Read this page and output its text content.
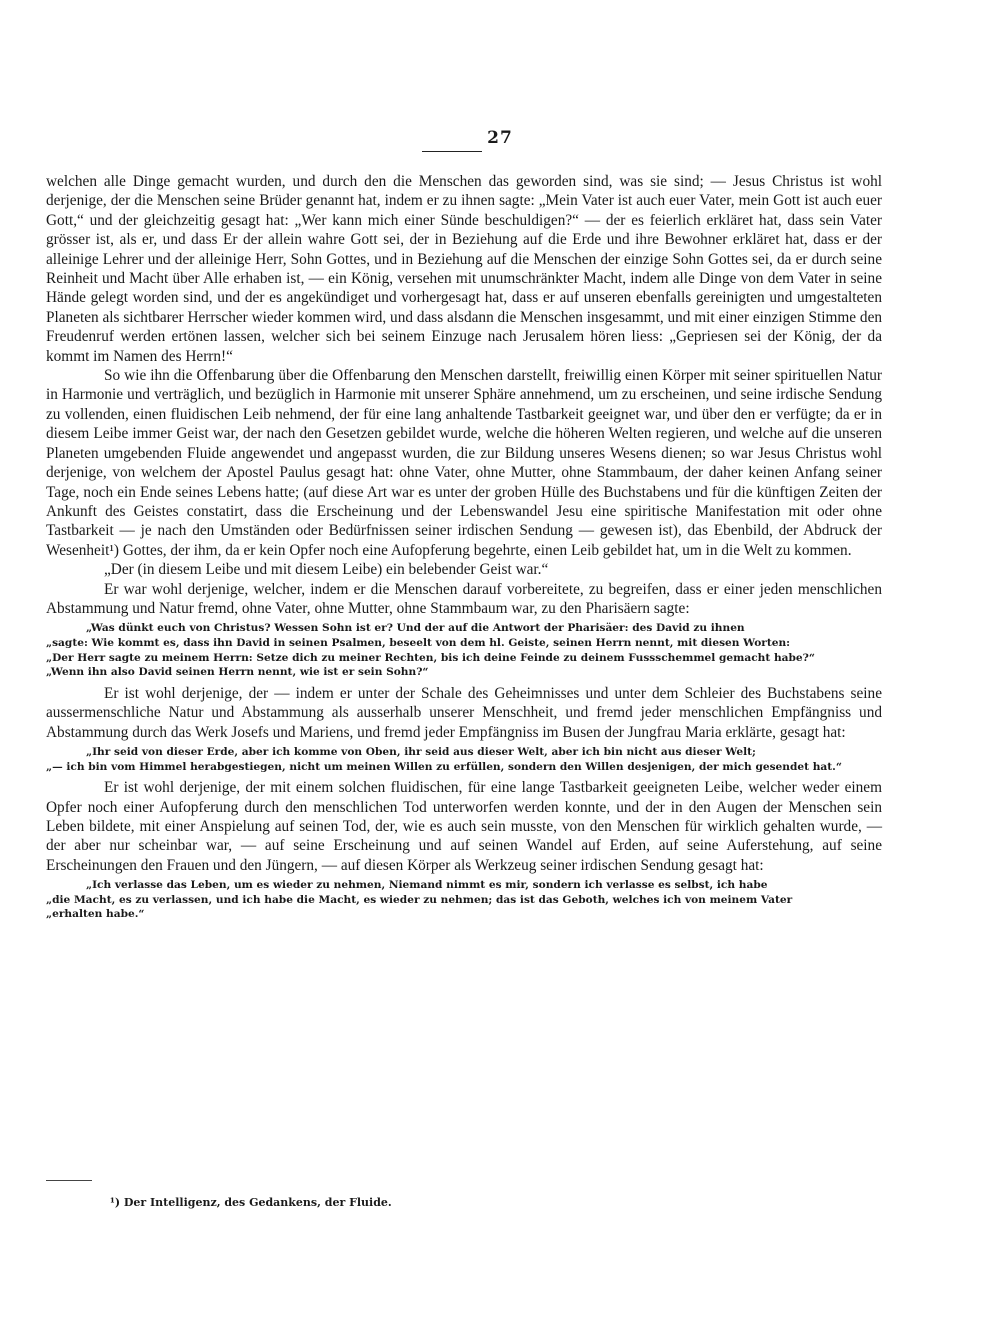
27

welchen alle Dinge gemacht wurden, und durch den die Menschen das geworden sind, was sie sind; — Jesus Christus ist wohl derjenige, der die Menschen seine Brüder genannt hat, indem er zu ihnen sagte: „Mein Vater ist auch euer Vater, mein Gott ist auch euer Gott,“ und der gleichzeitig gesagt hat: „Wer kann mich einer Sünde beschuldigen?“ — der es feierlich erkläret hat, dass sein Vater grösser ist, als er, und dass Er der allein wahre Gott sei, der in Beziehung auf die Erde und ihre Bewohner erkläret hat, dass er der alleinige Lehrer und der alleinige Herr, Sohn Gottes, und in Beziehung auf die Menschen der einzige Sohn Gottes sei, da er durch seine Reinheit und Macht über Alle erhaben ist, — ein König, versehen mit unumschränkter Macht, indem alle Dinge von dem Vater in seine Hände gelegt worden sind, und der es angekündiget und vorhergesagt hat, dass er auf unseren ebenfalls gereinigten und umgestalteten Planeten als sichtbarer Herrscher wieder kommen wird, und dass alsdann die Menschen insgesammt, und mit einer einzigen Stimme den Freudenruf werden ertönen lassen, welcher sich bei seinem Einzuge nach Jerusalem hören liess: „Gepriesen sei der König, der da kommt im Namen des Herrn!“

So wie ihn die Offenbarung über die Offenbarung den Menschen darstellt, freiwillig einen Körper mit seiner spirituellen Natur in Harmonie und verträglich, und bezüglich in Harmonie mit unserer Sphäre annehmend, um zu erscheinen, und seine irdische Sendung zu vollenden, einen fluidischen Leib nehmend, der für eine lang anhaltende Tastbarkeit geeignet war, und über den er verfügte; da er in diesem Leibe immer Geist war, der nach den Gesetzen gebildet wurde, welche die höheren Welten regieren, und welche auf die unseren Planeten umgebenden Fluide angewendet und angepasst wurden, die zur Bildung unseres Wesens dienen; so war Jesus Christus wohl derjenige, von welchem der Apostel Paulus gesagt hat: ohne Vater, ohne Mutter, ohne Stammbaum, der daher keinen Anfang seiner Tage, noch ein Ende seines Lebens hatte; (auf diese Art war es unter der groben Hülle des Buchstabens und für die künftigen Zeiten der Ankunft des Geistes constatirt, dass die Erscheinung und der Lebenswandel Jesu eine spiritische Manifestation mit oder ohne Tastbarkeit — je nach den Umständen oder Bedürfnissen seiner irdischen Sendung — gewesen ist), das Ebenbild, der Abdruck der Wesenheit¹) Gottes, der ihm, da er kein Opfer noch eine Aufopferung begehrte, einen Leib gebildet hat, um in die Welt zu kommen.

„Der (in diesem Leibe und mit diesem Leibe) ein belebender Geist war.“

Er war wohl derjenige, welcher, indem er die Menschen darauf vorbereitete, zu begreifen, dass er einer jeden menschlichen Abstammung und Natur fremd, ohne Vater, ohne Mutter, ohne Stammbaum war, zu den Pharisäern sagte:

„Was dünkt euch von Christus? Wessen Sohn ist er? Und der auf die Antwort der Pharisäer: des David zu ihnen

„sagte: Wie kommt es, dass ihn David in seinen Psalmen, beseelt von dem hl. Geiste, seinen Herrn nennt, mit diesen Worten:

„Der Herr sagte zu meinem Herrn: Setze dich zu meiner Rechten, bis ich deine Feinde zu deinem Fussschemmel gemacht habe?“

„Wenn ihn also David seinen Herrn nennt, wie ist er sein Sohn?“

Er ist wohl derjenige, der — indem er unter der Schale des Geheimnisses und unter dem Schleier des Buchstabens seine aussermenschliche Natur und Abstammung als ausserhalb unserer Menschheit, und fremd jeder menschlichen Empfängniss und Abstammung durch das Werk Josefs und Mariens, und fremd jeder Empfängniss im Busen der Jungfrau Maria erklärte, gesagt hat:

„Ihr seid von dieser Erde, aber ich komme von Oben, ihr seid aus dieser Welt, aber ich bin nicht aus dieser Welt;

„— ich bin vom Himmel herabgestiegen, nicht um meinen Willen zu erfüllen, sondern den Willen desjenigen, der mich gesendet hat.“

Er ist wohl derjenige, der mit einem solchen fluidischen, für eine lange Tastbarkeit geeigneten Leibe, welcher weder einem Opfer noch einer Aufopferung durch den menschlichen Tod unterworfen werden konnte, und der in den Augen der Menschen sein Leben bildete, mit einer Anspielung auf seinen Tod, der, wie es auch sein musste, von den Menschen für wirklich gehalten wurde, — der aber nur scheinbar war, — auf seine Erscheinung und auf seinen Wandel auf Erden, auf seine Auferstehung, auf seine Erscheinungen den Frauen und den Jüngern, — auf diesen Körper als Werkzeug seiner irdischen Sendung gesagt hat:

„Ich verlasse das Leben, um es wieder zu nehmen, Niemand nimmt es mir, sondern ich verlasse es selbst, ich habe

„die Macht, es zu verlassen, und ich habe die Macht, es wieder zu nehmen; das ist das Geboth, welches ich von meinem Vater

„erhalten habe.“

¹) Der Intelligenz, des Gedankens, der Fluide.
